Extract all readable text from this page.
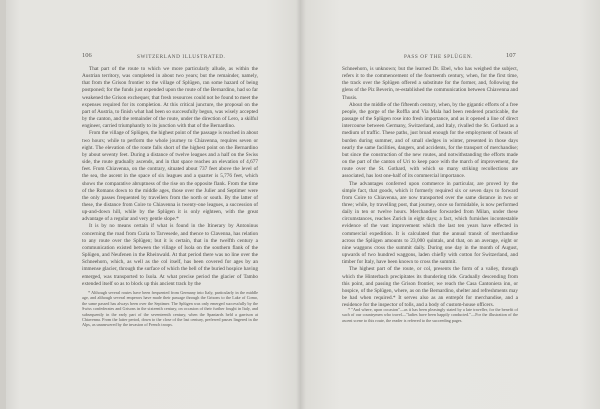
106	SWITZERLAND ILLUSTRATED.

That part of the route to which we more particularly allude, as within the Austrian territory, was completed in about two years; but the remainder, namely, that from the Grison frontier to the village of Splügen, ran some hazard of being postponed; for the funds just expended upon the route of the Bernardino, had so far weakened the Grison exchequer, that fresh resources could not be found to meet the expenses required for its completion. At this critical juncture, the proposal on the part of Austria, to finish what had been so successfully begun, was wisely accepted by the canton, and the remainder of the route, under the direction of Lero, a skilful engineer, carried triumphantly to its junction with that of the Bernardino.

From the village of Splügen, the highest point of the passage is reached in about two hours; while to perform the whole journey to Chiavenna, requires seven or eight. The elevation of the route falls short of the highest point on the Bernardino by about seventy feet. During a distance of twelve leagues and a half on the Swiss side, the route gradually ascends, and in that space reaches an elevation of 4,677 feet. From Chiavenna, on the contrary, situated about 737 feet above the level of the sea, the ascent in the space of six leagues and a quarter is 5,776 feet, which shows the comparative abruptness of the rise on the opposite flank. From the time of the Romans down to the middle ages, those over the Julier and Septimer were the only passes frequented by travellers from the north or south. By the latter of these, the distance from Coire to Chiavenna is twenty-one leagues, a succession of up-and-down hill, while by the Splügen it is only eighteen, with the great advantage of a regular and very gentle slope.*

It is by no means certain if what is found in the Itinerary by Antoninus concerning the road from Curia to Tarvesede, and thence to Clavenna, has relation to any route over the Splügen; but it is certain, that in the twelfth century a communication existed between the village of Isola on the southern flank of the Splügen, and Neufenen in the Rheinwald. At that period there was no line over the Schneehorn, which, as well as the col itself, has been covered for ages by an immense glacier, through the surface of which the bell of the buried hospice having emerged, was transported to Isola. At what precise period the glacier of Tambo extended itself so as to block up this ancient track by the

* Although several routes have been frequented from Germany into Italy, particularly in the middle age, and although several emperors have made their passage through the Grisons to the Lake of Como, the same passed has always been over the Septimer. The Splügen was only emerged successfully by the Swiss confederates and Grisons in the sixteenth century, on occasion of their further fought in Italy, and subsequently in the early part of the seventeenth century, when the Spaniards held a garrison at Chiavenna. From the latter period, down to the close of the last century, preferred passes lingered in the Alps, as unanswered by the invasion of French troops.

PASS OF THE SPLÜGEN.	107

Schneehorn, is unknown; but the learned Dr. Ebel, who has weighed the subject, refers it to the commencement of the fourteenth century, when, for the first time, the track over the Splügen offered a substitute for the former, and, following the glens of the Piz Beverin, re-established the communication between Chiavenna and Thusis.

About the middle of the fifteenth century, when, by the gigantic efforts of a free people, the gorge of the Roffla and Via Mala had been rendered practicable, the passage of the Splügen rose into fresh importance, and as it opened a line of direct intercourse between Germany, Switzerland, and Italy, rivalled the St. Gothard as a medium of traffic. These paths, just broad enough for the employment of beasts of burden during summer, and of small sledges in winter, presented in those days nearly the same facilities, dangers, and accidents, for the transport of merchandise; but since the construction of the new routes, and notwithstanding the efforts made on the part of the canton of Uri to keep pace with the march of improvement, the route over the St. Gothard, with which so many striking recollections are associated, has lost one-half of its commercial importance.

The advantages conferred upon commerce in particular, are proved by the simple fact, that goods, which it formerly required six or seven days to forward from Coire to Chiavenna, are now transported over the same distance in two or three; while, by travelling post, that journey, once so formidable, is now performed daily in ten or twelve hours. Merchandise forwarded from Milan, under these circumstances, reaches Zurich in eight days; a fact, which furnishes incontestable evidence of the vast improvement which the last ten years have effected in commercial expedition. It is calculated that the annual transit of merchandise across the Splügen amounts to 23,000 quintals, and that, on an average, eight or nine waggons cross the summit daily. During one day in the month of August, upwards of two hundred waggons, laden chiefly with cotton for Switzerland, and timber for Italy, have been known to cross the summit.

The highest part of the route, or col, presents the form of a valley, through which the Hinterbach precipitates its thundering tide. Gradually descending from this point, and passing the Grison frontier, we reach the Casa Cantoniera inn, or hospice, of the Splügen, where, as on the Bernardino, shelter and refreshments may be had when required.* It serves also as an entrepôt for merchandise, and a residence for the inspector of tolls, and a body of custom-house officers.

* "And where, upon occasion"—as it has been pleasingly stated by a late traveller, for the benefit of such of our countrymen who travel—"ladies have been happily conducted."—For the illustration of the ascent scene to this route, the reader is referred to the succeeding pages.
